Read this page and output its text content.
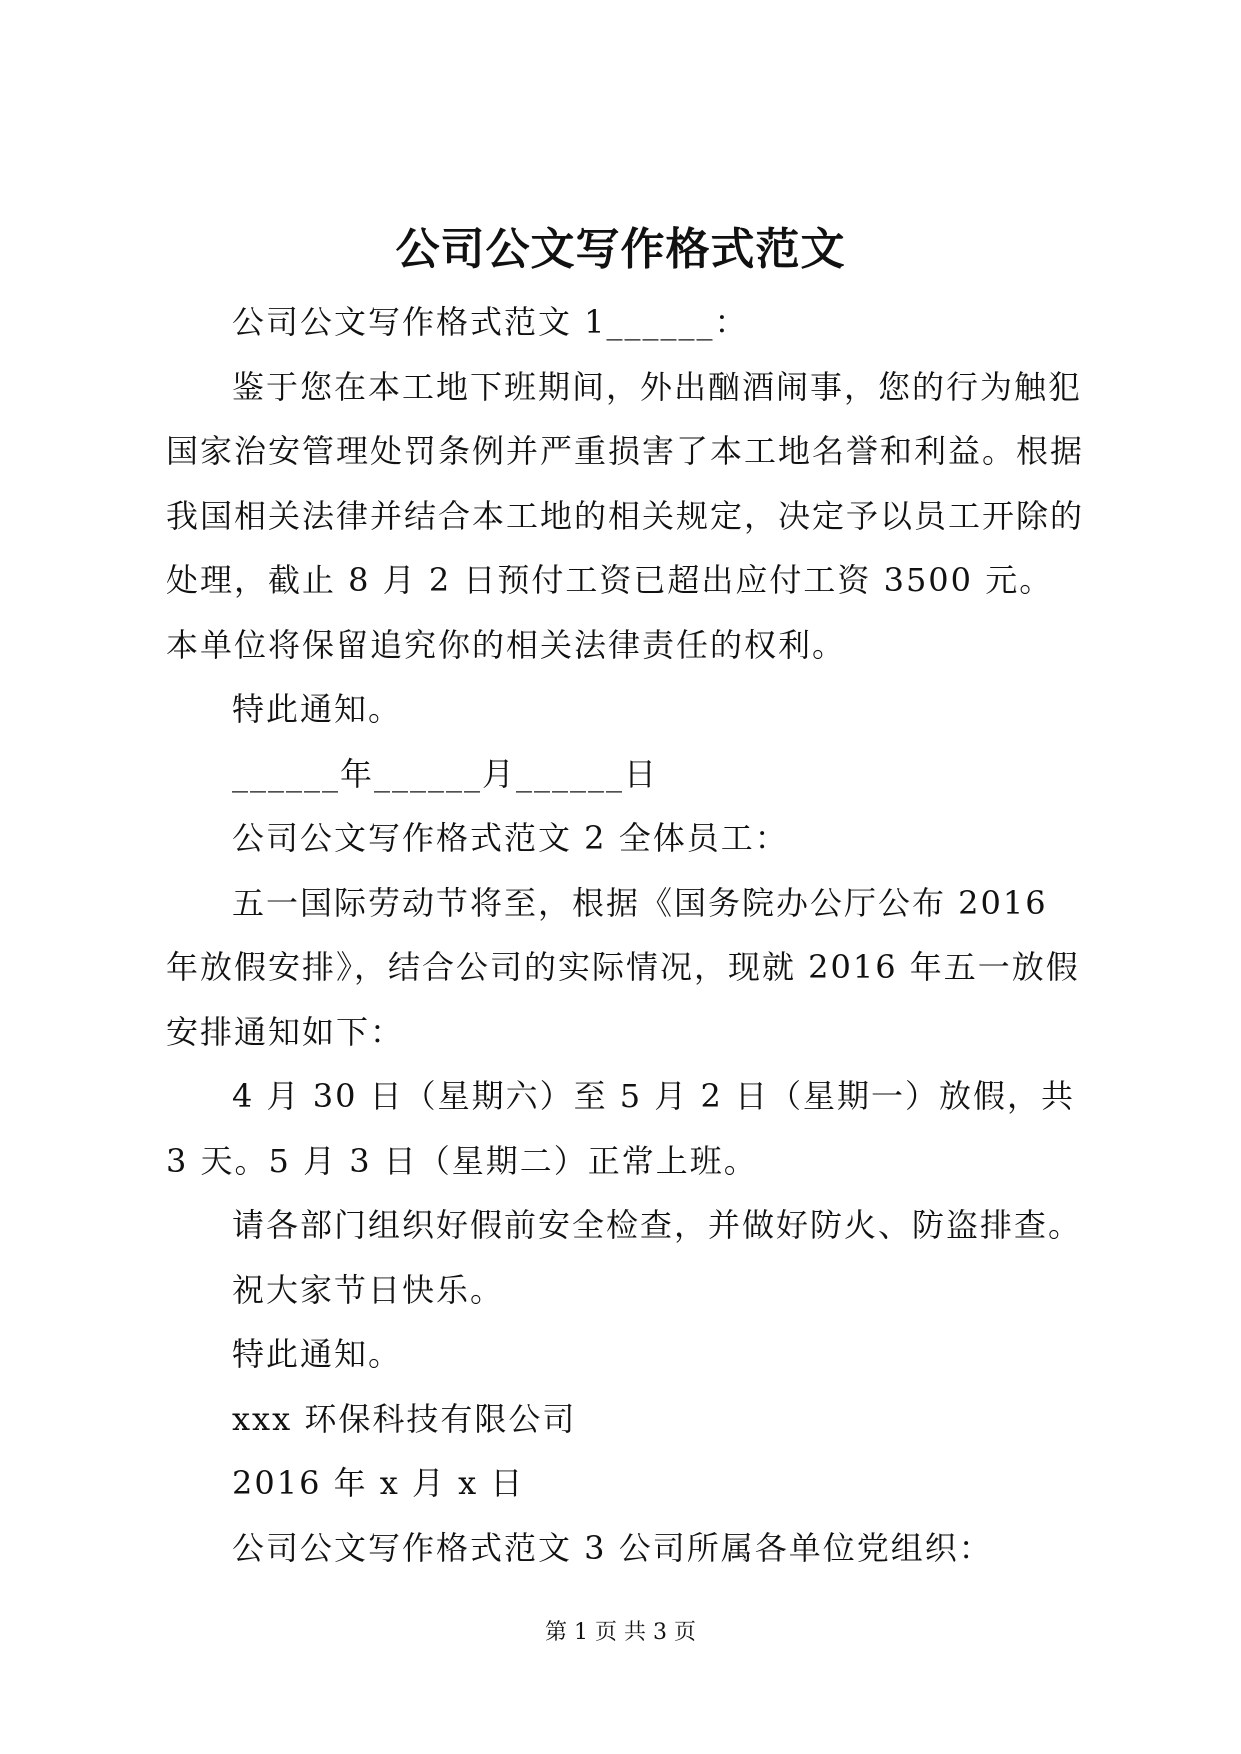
公司公文写作格式范文

公司公文写作格式范文 1______：

鉴于您在本工地下班期间，外出酗酒闹事，您的行为触犯国家治安管理处罚条例并严重损害了本工地名誉和利益。根据我国相关法律并结合本工地的相关规定，决定予以员工开除的处理，截止 8 月 2 日预付工资已超出应付工资 3500 元。本单位将保留追究你的相关法律责任的权利。

特此通知。

______年______月______日

公司公文写作格式范文 2 全体员工：

五一国际劳动节将至，根据《国务院办公厅公布 2016 年放假安排》，结合公司的实际情况，现就 2016 年五一放假安排通知如下：

4 月 30 日（星期六）至 5 月 2 日（星期一）放假，共 3 天。5 月 3 日（星期二）正常上班。

请各部门组织好假前安全检查，并做好防火、防盗排查。

祝大家节日快乐。

特此通知。

xxx 环保科技有限公司

2016 年 x 月 x 日

公司公文写作格式范文 3 公司所属各单位党组织：

第 1 页 共 3 页
